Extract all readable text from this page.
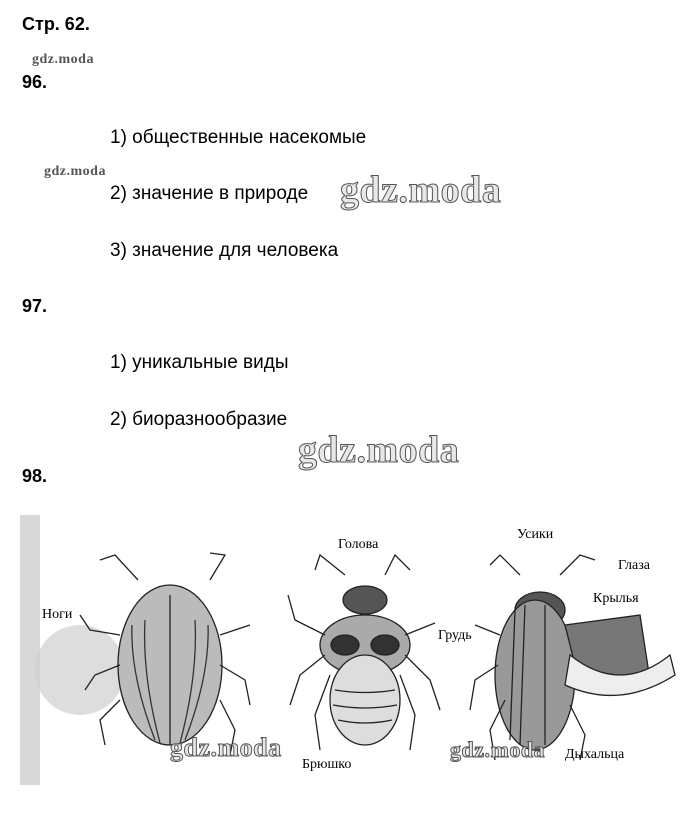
Стр. 62.
gdz.moda
96.
1) общественные насекомые
gdz.moda
2) значение в природе gdz.moda
3) значение для человека
97.
1) уникальные виды
2) биоразнообразие
gdz.moda
98.
Ноги
Голова
Грудь
Брюшко
Усики
Глаза
Крылья
Дыхальца
gdz.moda	gdz.moda
